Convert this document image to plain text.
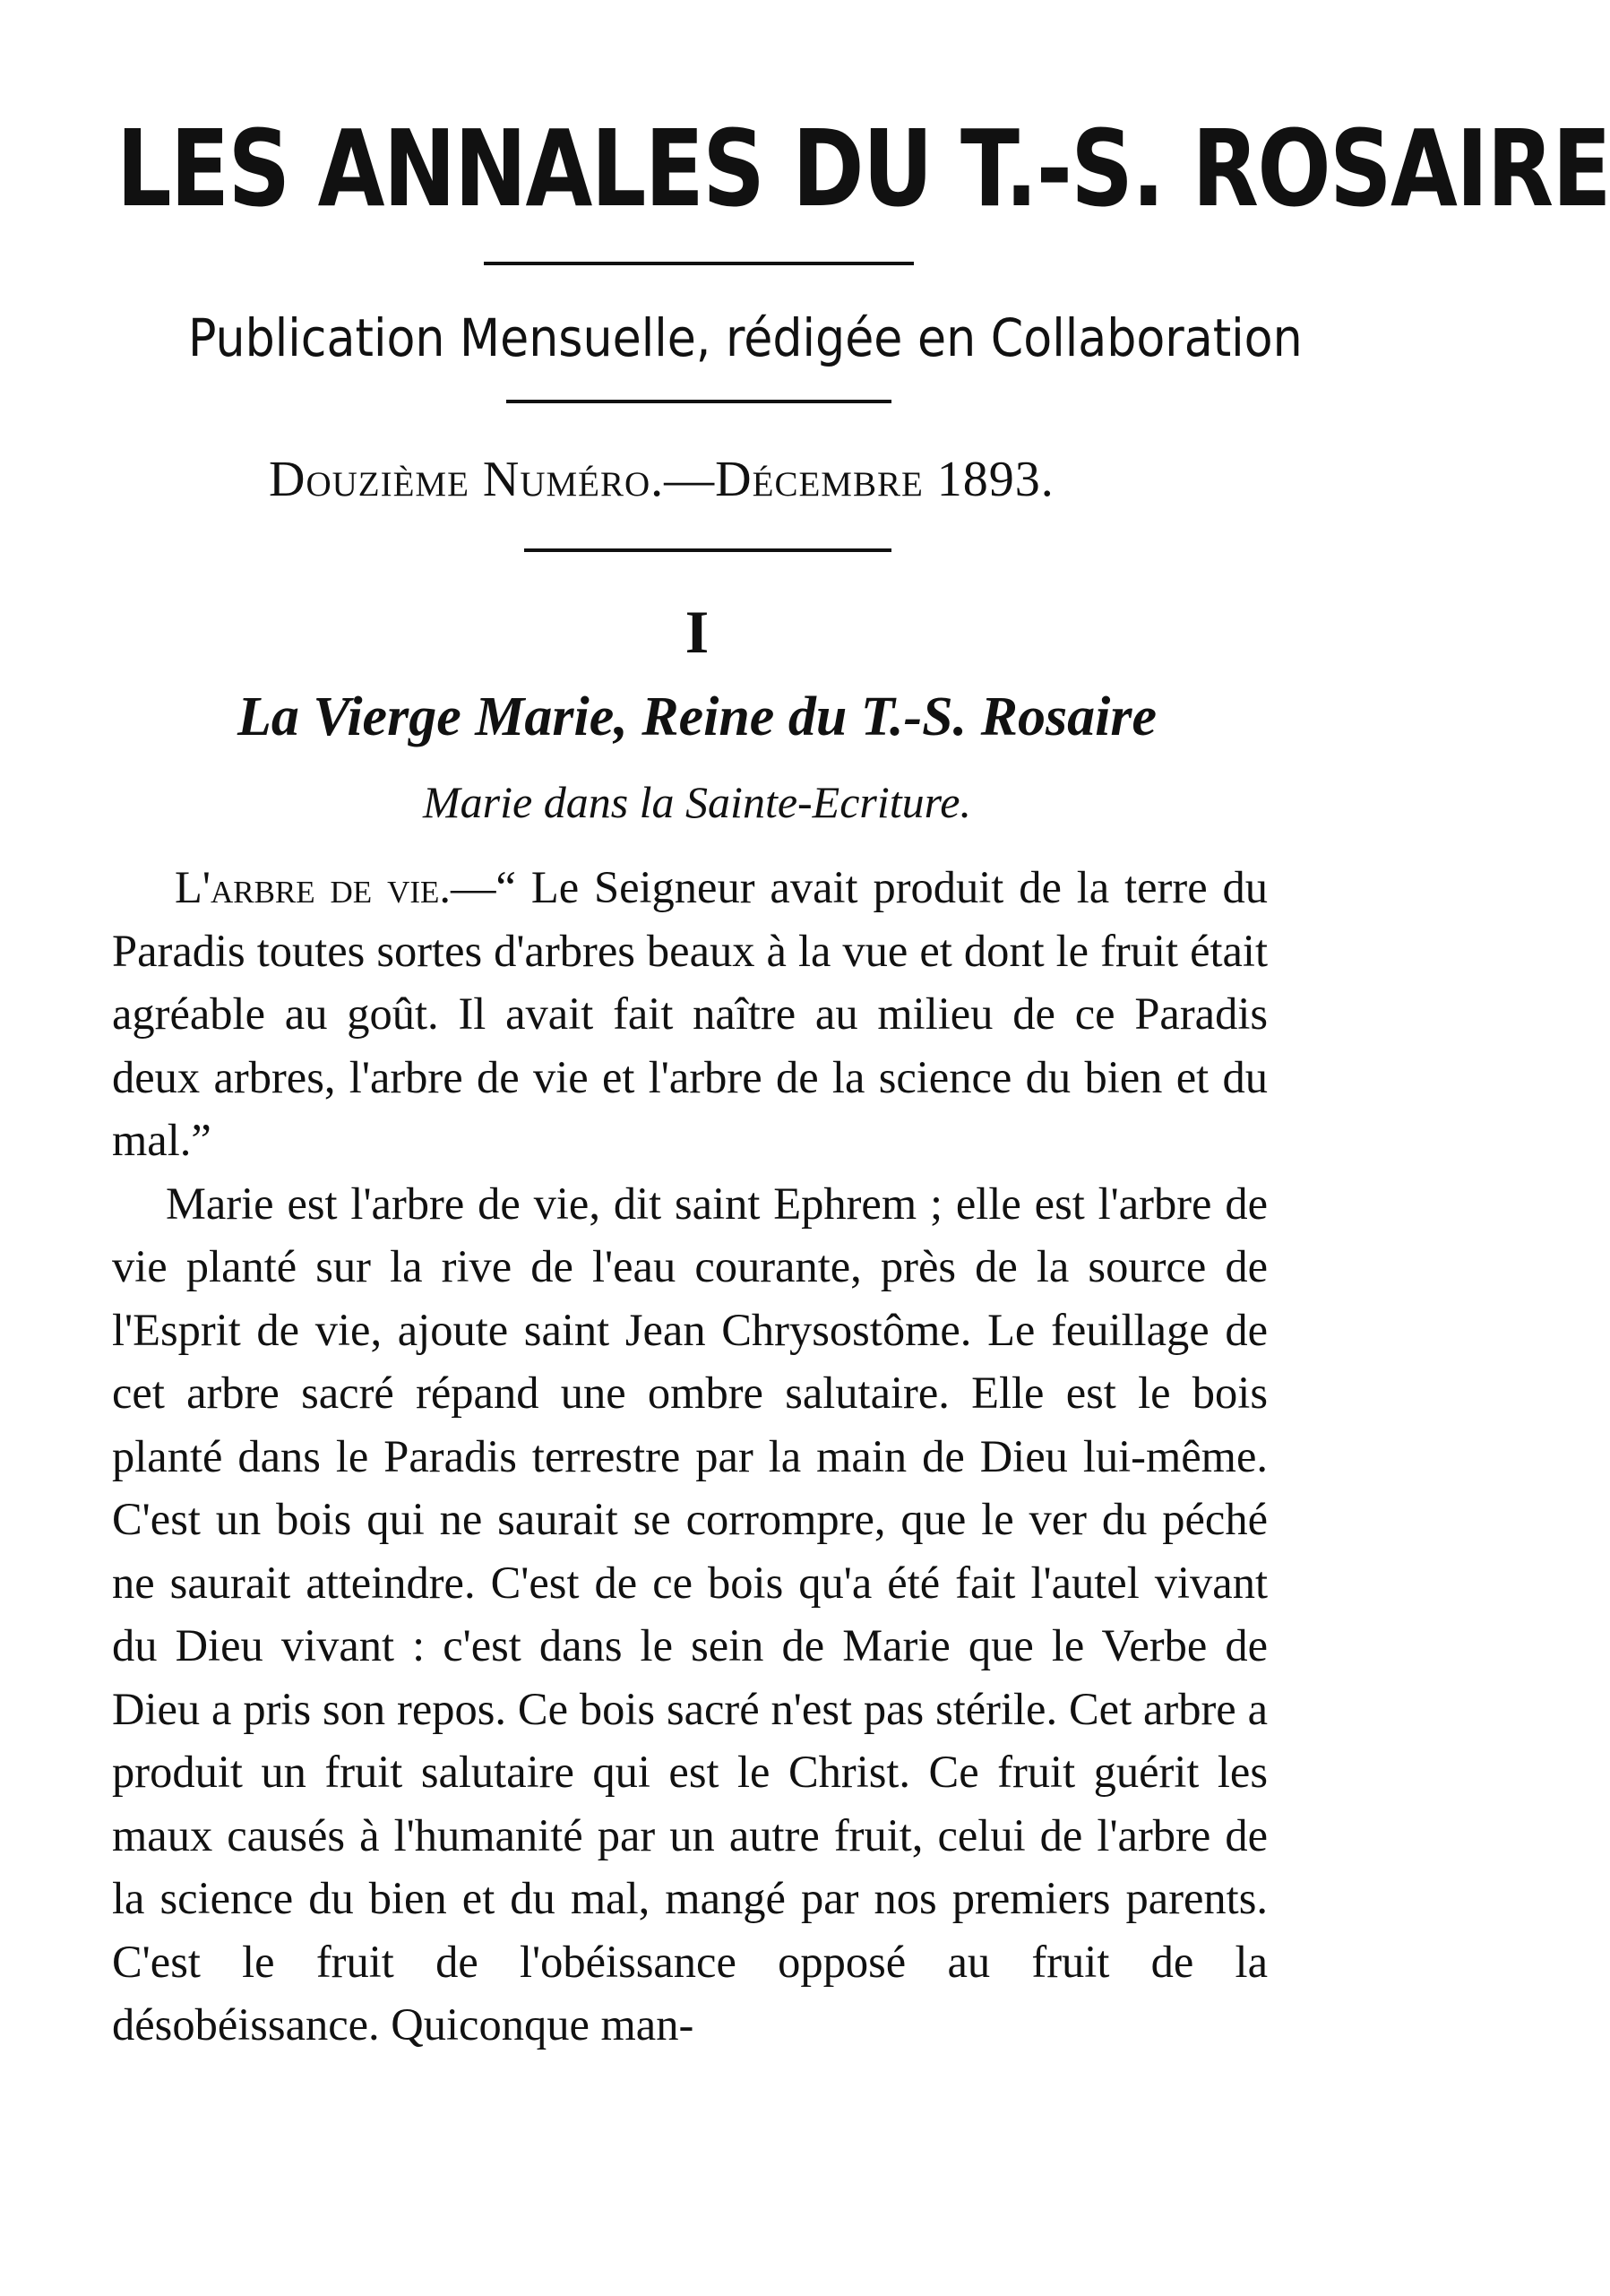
LES ANNALES DU T.-S. ROSAIRE
Publication Mensuelle, rédigée en Collaboration
Douzième Numéro.—Décembre 1893.
I
La Vierge Marie, Reine du T.-S. Rosaire
Marie dans la Sainte-Ecriture.

L'arbre de vie.—“ Le Seigneur avait produit de la terre du Paradis toutes sortes d'arbres beaux à la vue et dont le fruit était agréable au goût. Il avait fait naître au milieu de ce Paradis deux arbres, l'arbre de vie et l'arbre de la science du bien et du mal.”

Marie est l'arbre de vie, dit saint Ephrem ; elle est l'arbre de vie planté sur la rive de l'eau courante, près de la source de l'Esprit de vie, ajoute saint Jean Chrysostôme. Le feuillage de cet arbre sacré répand une ombre salutaire. Elle est le bois planté dans le Paradis terrestre par la main de Dieu lui-même. C'est un bois qui ne saurait se corrompre, que le ver du péché ne saurait atteindre. C'est de ce bois qu'a été fait l'autel vivant du Dieu vivant : c'est dans le sein de Marie que le Verbe de Dieu a pris son repos. Ce bois sacré n'est pas stérile. Cet arbre a produit un fruit salutaire qui est le Christ. Ce fruit guérit les maux causés à l'humanité par un autre fruit, celui de l'arbre de la science du bien et du mal, mangé par nos premiers parents. C'est le fruit de l'obéissance opposé au fruit de la désobéissance. Quiconque man-
